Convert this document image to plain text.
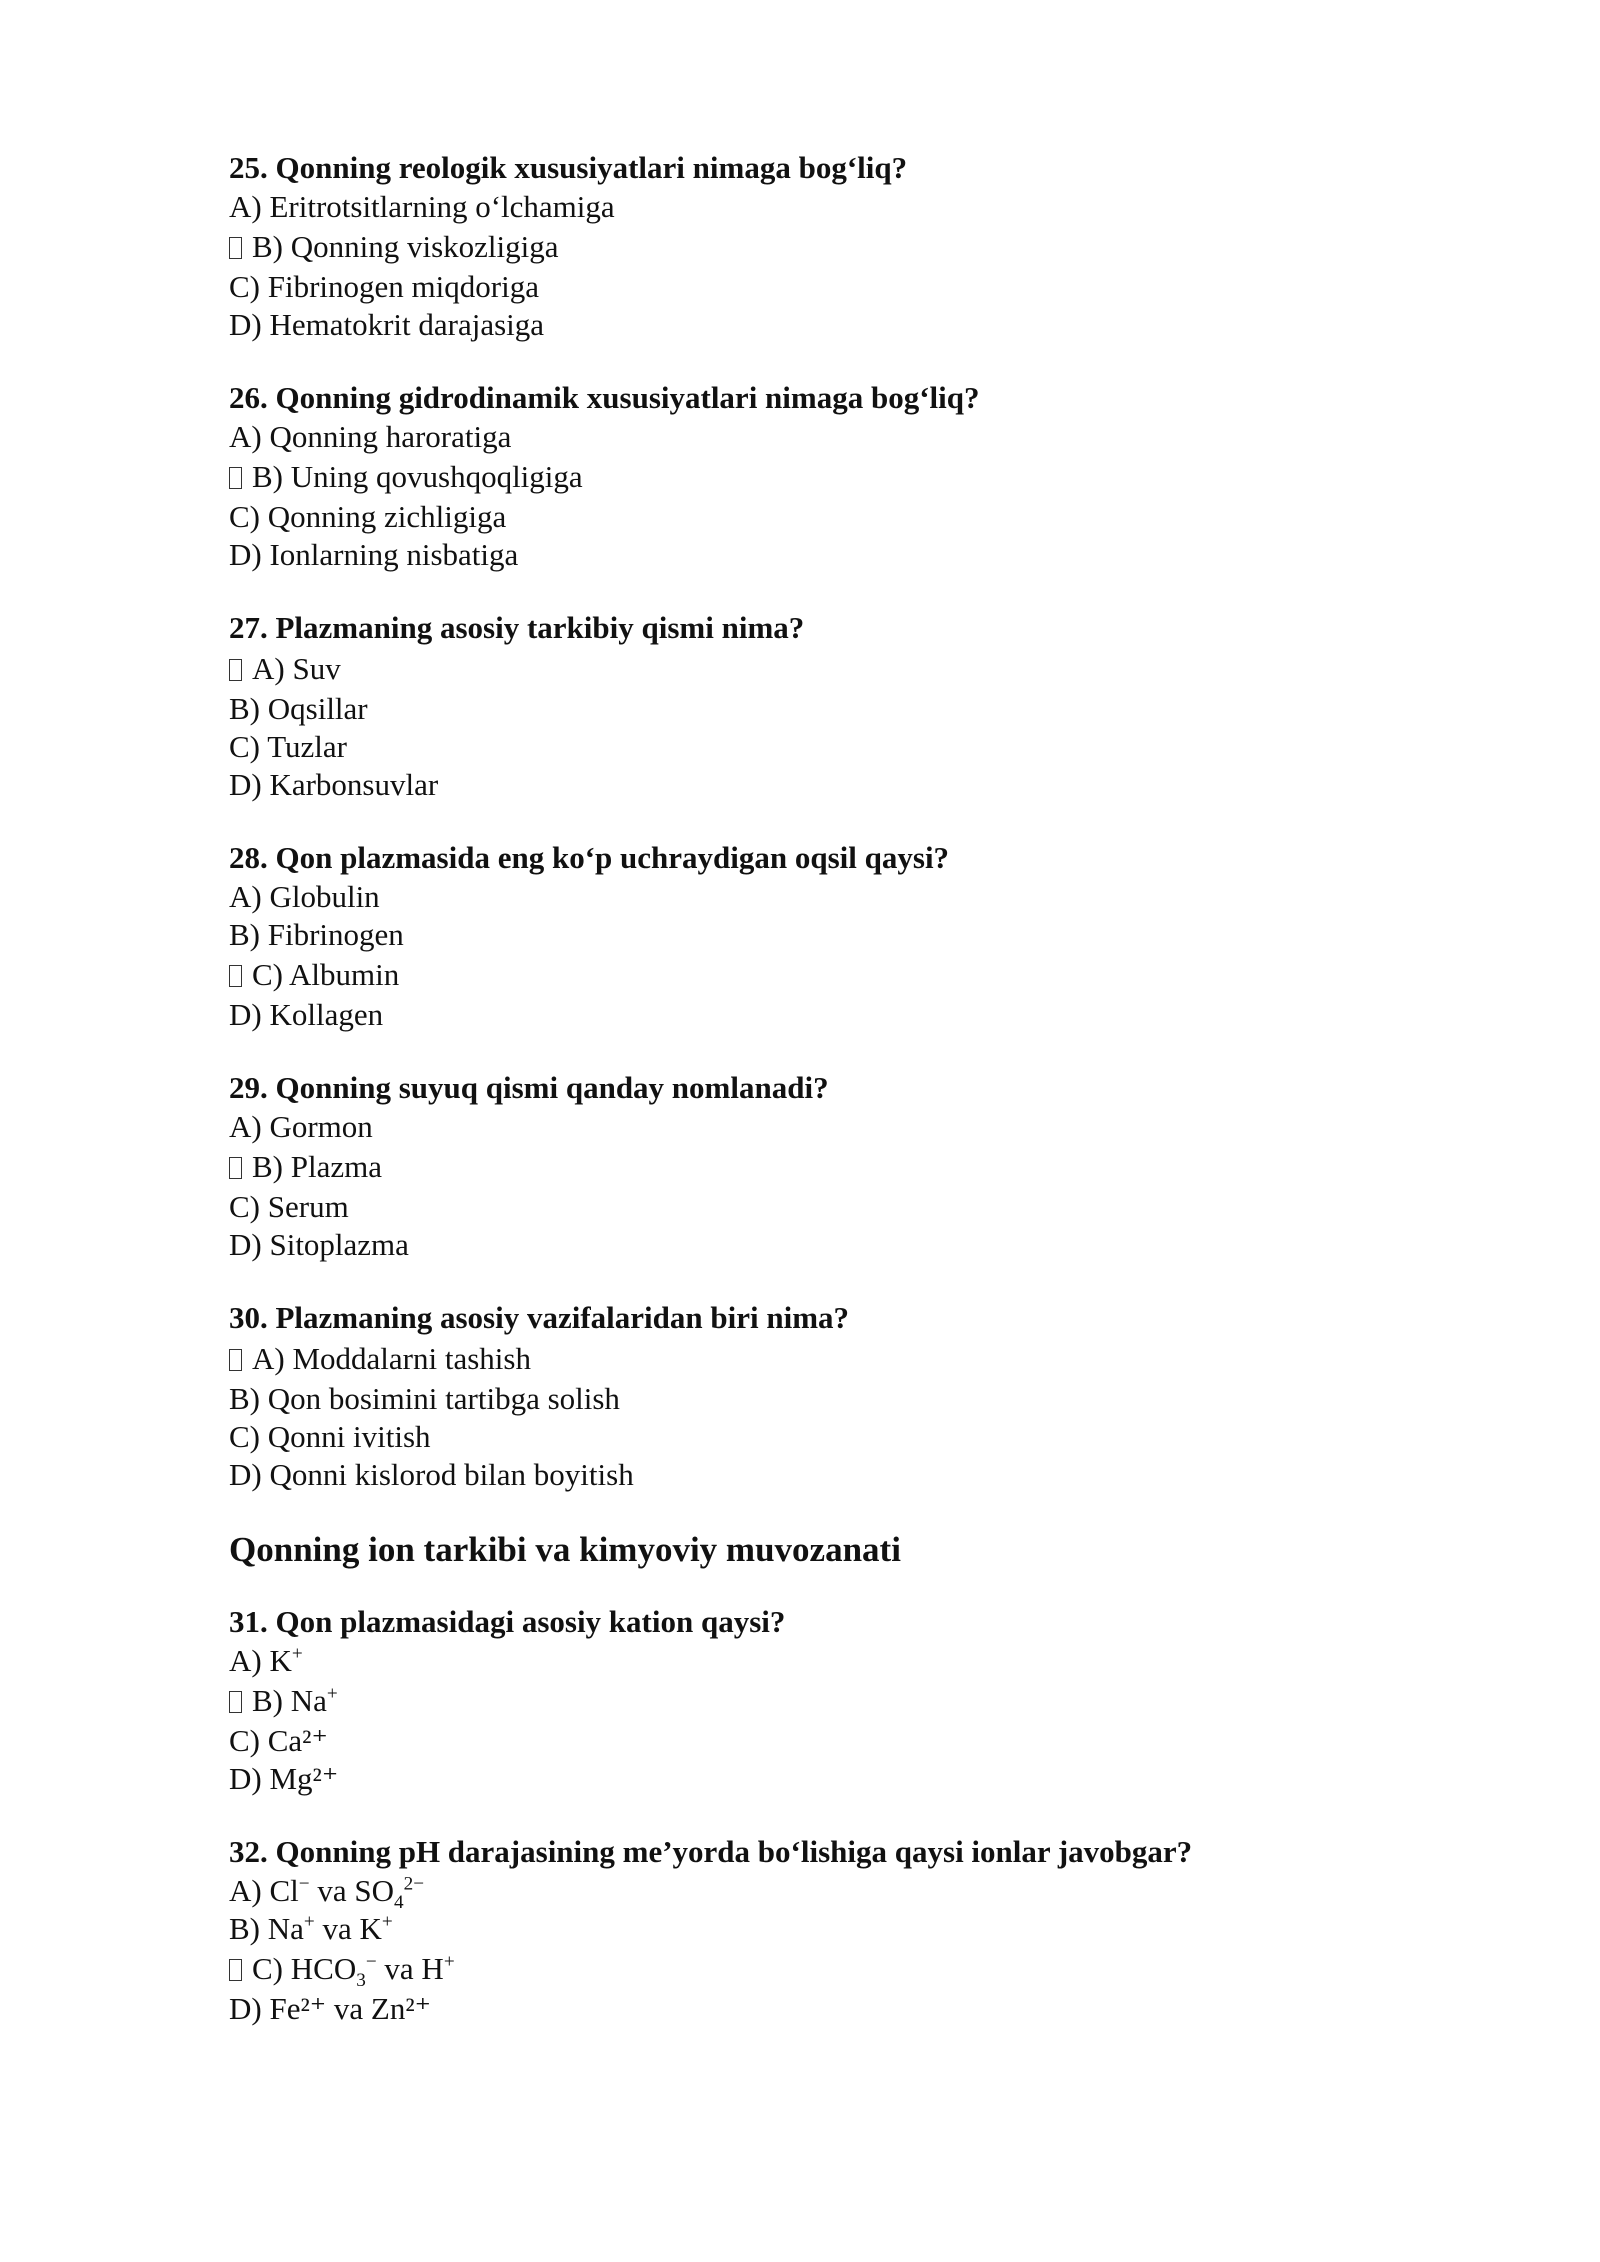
25. Qonning reologik xususiyatlari nimaga bog‘liq?

A) Eritrotsitlarning o‘lchamiga

B) Qonning viskozligiga

C) Fibrinogen miqdoriga

D) Hematokrit darajasiga

26. Qonning gidrodinamik xususiyatlari nimaga bog‘liq?

A) Qonning haroratiga

B) Uning qovushqoqligiga

C) Qonning zichligiga

D) Ionlarning nisbatiga

27. Plazmaning asosiy tarkibiy qismi nima?

A) Suv

B) Oqsillar

C) Tuzlar

D) Karbonsuvlar

28. Qon plazmasida eng ko‘p uchraydigan oqsil qaysi?

A) Globulin

B) Fibrinogen

C) Albumin

D) Kollagen

29. Qonning suyuq qismi qanday nomlanadi?

A) Gormon

B) Plazma

C) Serum

D) Sitoplazma

30. Plazmaning asosiy vazifalaridan biri nima?

A) Moddalarni tashish

B) Qon bosimini tartibga solish

C) Qonni ivitish

D) Qonni kislorod bilan boyitish

Qonning ion tarkibi va kimyoviy muvozanati

31. Qon plazmasidagi asosiy kation qaysi?

A) K+

B) Na+

C) Ca²⁺

D) Mg²⁺

32. Qonning pH darajasining me’yorda bo‘lishiga qaysi ionlar javobgar?

A) Cl− va $SO_4^{2-}$

B) Na+ va K+

C) $HCO_3^-$ va H+

D) Fe²⁺ va Zn²⁺
